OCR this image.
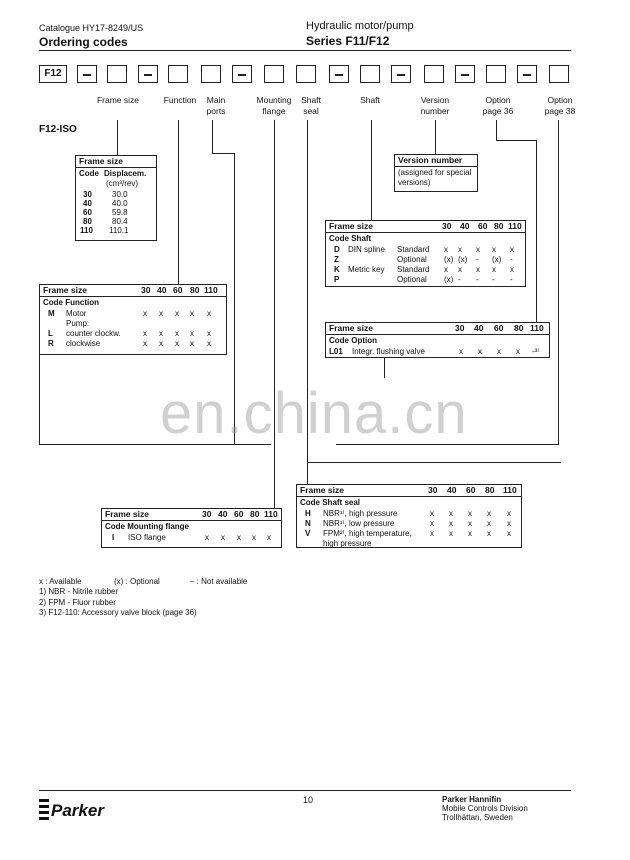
Catalogue HY17-8249/US
Ordering codes
Hydraulic motor/pump
Series F11/F12
F12
Frame size	Function	Main ports
Mounting flange
Shaft seal
Shaft	Version number
Option page 36
Option page 38
F12-ISO
Frame size
Code Displacem.
(cm³/rev)
30	30.0
40	40.0
60	59.8
80	80.4
110 110.1
Version number
(assigned for special versions)
Frame size	30 40 60 80 110
Code Shaft
D DIN spline Standard x x x x x
Z	Optional (x) (x) - (x) -
K Metric key Standard x x x x x
P	Optional (x) - - - -
Frame size	30 40 60 80 110
Code Function
M Motor	x x x x x
Pump:
L counter clockw.	x x x x x
R clockwise	x x x x x
Frame size	30 40 60 80 110
Code Option
L01 Integr. flushing valve	x x x x -³⁾
en.china.cn
Frame size	30 40 60 80 110
Code Shaft seal
H NBR¹⁾, high pressure	x x x x x
N NBR¹⁾, low pressure	x x x x x
V FPM²⁾, high temperature, x x x x x
high pressure
Frame size	30 40 60 80 110
Code Mounting flange
I ISO flange	x x x x x
x : Available	(x) : Optional	– : Not available
1) NBR - Nitrile rubber
2) FPM - Fluor rubber
3) F12-110: Accessory valve block (page 36)
Parker
10	Parker Hannifin
Mobile Controls Division
Trollhättan, Sweden
